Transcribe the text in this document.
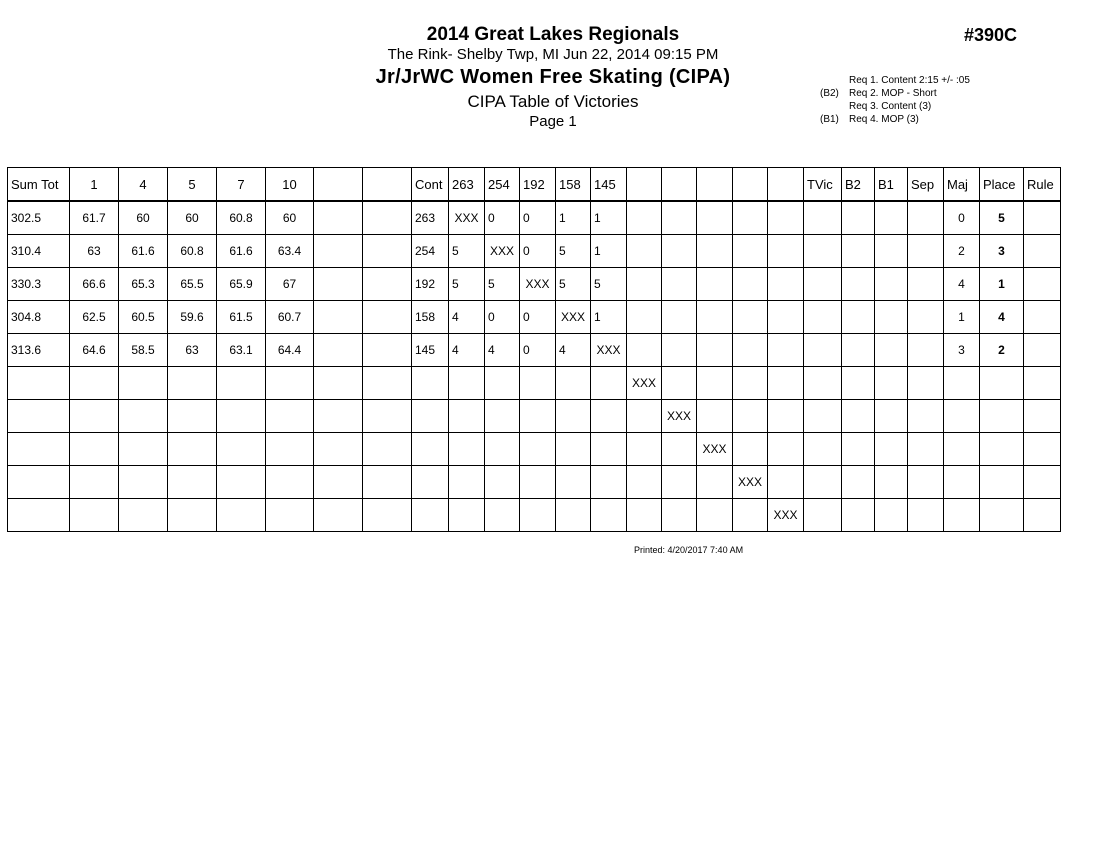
2014 Great Lakes Regionals
The Rink- Shelby Twp, MI Jun 22, 2014 09:15 PM
Jr/JrWC Women Free Skating (CIPA)
CIPA Table of Victories
Page 1
#390C
Req 1. Content 2:15 +/- :05
(B2)	Req 2. MOP - Short
Req 3. Content (3)
(B1)	Req 4. MOP (3)
Sum Tot	1	4	5	7	10			Cont	263	254	192	158	145						TVic	B2	B1	Sep	Maj	Place	Rule
302.5	61.7	60	60	60.8	60			263	XXX	0	0	1	1										0	5	
310.4	63	61.6	60.8	61.6	63.4			254	5	XXX	0	5	1										2	3	
330.3	66.6	65.3	65.5	65.9	67			192	5	5	XXX	5	5										4	1	
304.8	62.5	60.5	59.6	61.5	60.7			158	4	0	0	XXX	1										1	4	
313.6	64.6	58.5	63	63.1	64.4			145	4	4	0	4	XXX										3	2	
														XXX											
															XXX										
																XXX									
																	XXX								
																		XXX							
Printed: 4/20/2017 7:40 AM
